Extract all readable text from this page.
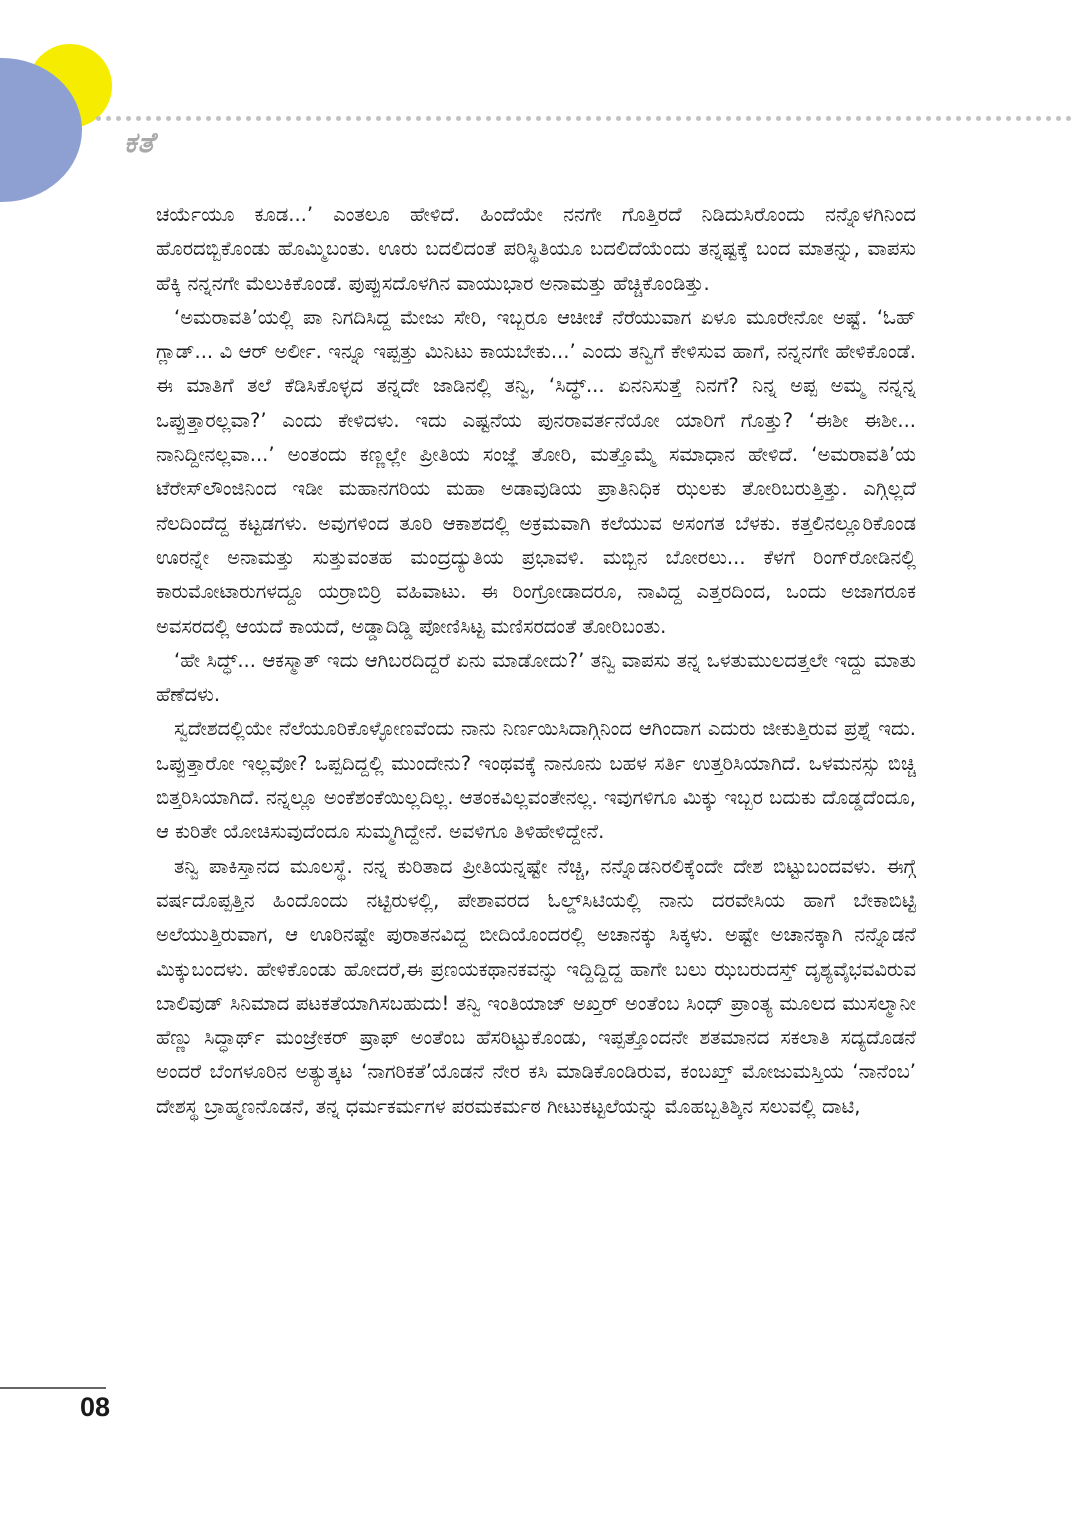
ಕತೆ

ಚರ್ಯೆಯೂ ಕೂಡ...’ ಎಂತಲೂ ಹೇಳಿದೆ. ಹಿಂದೆಯೇ ನನಗೇ ಗೊತ್ತಿರದೆ ನಿಡಿದುಸಿರೊಂದು ನನ್ನೊಳಗಿನಿಂದ ಹೊರದಬ್ಬಿಕೊಂಡು ಹೊಮ್ಮಿಬಂತು. ಊರು ಬದಲಿದಂತೆ ಪರಿಸ್ಥಿತಿಯೂ ಬದಲಿದೆಯೆಂದು ತನ್ನಷ್ಟಕ್ಕೆ ಬಂದ ಮಾತನ್ನು, ವಾಪಸು ಹೆಕ್ಕಿ ನನ್ನನಗೇ ಮೆಲುಕಿಕೊಂಡೆ. ಪುಪ್ಪುಸದೊಳಗಿನ ವಾಯುಭಾರ ಅನಾಮತ್ತು ಹೆಚ್ಚಿಕೊಂಡಿತ್ತು.

‘ಅಮರಾವತಿ’ಯಲ್ಲಿ ಪಾ ನಿಗದಿಸಿದ್ದ ಮೇಜು ಸೇರಿ, ಇಬ್ಬರೂ ಆಚೀಚೆ ನೆರೆಯುವಾಗ ಏಳೂ ಮೂರೇನೋ ಅಷ್ಟೆ. ‘ಓಹ್ ಗ್ಲಾಡ್... ವಿ ಆರ್ ಅರ್ಲೀ. ಇನ್ನೂ ಇಪ್ಪತ್ತು ಮಿನಿಟು ಕಾಯಬೇಕು...’ ಎಂದು ತನ್ವಿಗೆ ಕೇಳಿಸುವ ಹಾಗೆ, ನನ್ನನಗೇ ಹೇಳಿಕೊಂಡೆ. ಈ ಮಾತಿಗೆ ತಲೆ ಕೆಡಿಸಿಕೊಳ್ಳದ ತನ್ನದೇ ಜಾಡಿನಲ್ಲಿ ತನ್ವಿ, ‘ಸಿದ್ಧ್... ಏನನಿಸುತ್ತೆ ನಿನಗೆ? ನಿನ್ನ ಅಪ್ಪ ಅಮ್ಮ ನನ್ನನ್ನ ಒಪ್ಪುತ್ತಾರಲ್ಲವಾ?’ ಎಂದು ಕೇಳಿದಳು. ಇದು ಎಷ್ಟನೆಯ ಪುನರಾವರ್ತನೆಯೋ ಯಾರಿಗೆ ಗೊತ್ತು? ‘ಈಶೀ ಈಶೀ... ನಾನಿದ್ದೀನಲ್ಲವಾ...’ ಅಂತಂದು ಕಣ್ಣಲ್ಲೇ ಪ್ರೀತಿಯ ಸಂಜ್ಞೆ ತೋರಿ, ಮತ್ತೊಮ್ಮೆ ಸಮಾಧಾನ ಹೇಳಿದೆ. ‘ಅಮರಾವತಿ’ಯ ಟೆರೇಸ್‌ಲೌಂಜಿನಿಂದ ಇಡೀ ಮಹಾನಗರಿಯ ಮಹಾ ಅಡಾವುಡಿಯ ಪ್ರಾತಿನಿಧಿಕ ಝಲಕು ತೋರಿಬರುತ್ತಿತ್ತು. ಎಗ್ಗಿಲ್ಲದೆ ನೆಲದಿಂದೆದ್ದ ಕಟ್ಟಡಗಳು. ಅವುಗಳಿಂದ ತೂರಿ ಆಕಾಶದಲ್ಲಿ ಅಕ್ರಮವಾಗಿ ಕಲೆಯುವ ಅಸಂಗತ ಬೆಳಕು. ಕತ್ತಲಿನಲ್ಲೂರಿಕೊಂಡ ಊರನ್ನೇ ಅನಾಮತ್ತು ಸುತ್ತುವಂತಹ ಮಂದ್ರದ್ಯುತಿಯ ಪ್ರಭಾವಳಿ. ಮಬ್ಬಿನ ಬೋರಲು... ಕೆಳಗೆ ರಿಂಗ್‌ರೋಡಿನಲ್ಲಿ ಕಾರುಮೋಟಾರುಗಳದ್ದೂ ಯರ್ರಾಬಿರ್ರಿ ವಹಿವಾಟು. ಈ ರಿಂಗ್ರೋಡಾದರೂ, ನಾವಿದ್ದ ಎತ್ತರದಿಂದ, ಒಂದು ಅಜಾಗರೂಕ ಅವಸರದಲ್ಲಿ ಆಯದೆ ಕಾಯದೆ, ಅಡ್ಡಾದಿಡ್ಡಿ ಪೋಣಿಸಿಟ್ಟ ಮಣಿಸರದಂತೆ ತೋರಿಬಂತು.

‘ಹೇ ಸಿದ್ಧ್... ಆಕಸ್ಮಾತ್ ಇದು ಆಗಿಬರದಿದ್ದರೆ ಏನು ಮಾಡೋದು?’ ತನ್ವಿ ವಾಪಸು ತನ್ನ ಒಳತುಮುಲದತ್ತಲೇ ಇದ್ದು ಮಾತು ಹೆಣೆದಳು.

ಸ್ವದೇಶದಲ್ಲಿಯೇ ನೆಲೆಯೂರಿಕೊಳ್ಳೋಣವೆಂದು ನಾನು ನಿರ್ಣಯಿಸಿದಾಗ್ಗಿನಿಂದ ಆಗಿಂದಾಗ ಎದುರು ಜೀಕುತ್ತಿರುವ ಪ್ರಶ್ನೆ ಇದು. ಒಪ್ಪುತ್ತಾರೋ ಇಲ್ಲವೋ? ಒಪ್ಪದಿದ್ದಲ್ಲಿ ಮುಂದೇನು? ಇಂಥವಕ್ಕೆ ನಾನೂನು ಬಹಳ ಸರ್ತಿ ಉತ್ತರಿಸಿಯಾಗಿದೆ. ಒಳಮನಸ್ಸು ಬಿಚ್ಚಿ ಬಿತ್ತರಿಸಿಯಾಗಿದೆ. ನನ್ನಲ್ಲೂ ಅಂಕೆಶಂಕೆಯಿಲ್ಲದಿಲ್ಲ. ಆತಂಕವಿಲ್ಲವಂತೇನಲ್ಲ. ಇವುಗಳಿಗೂ ಮಿಕ್ಕು ಇಬ್ಬರ ಬದುಕು ದೊಡ್ಡದೆಂದೂ, ಆ ಕುರಿತೇ ಯೋಚಿಸುವುದೆಂದೂ ಸುಮ್ಮಗಿದ್ದೇನೆ. ಅವಳಿಗೂ ತಿಳಿಹೇಳಿದ್ದೇನೆ.

ತನ್ವಿ ಪಾಕಿಸ್ತಾನದ ಮೂಲಸ್ಥೆ. ನನ್ನ ಕುರಿತಾದ ಪ್ರೀತಿಯನ್ನಷ್ಟೇ ನೆಚ್ಚಿ, ನನ್ನೊಡನಿರಲಿಕ್ಕೆಂದೇ ದೇಶ ಬಿಟ್ಟುಬಂದವಳು. ಈಗ್ಗೆ ವರ್ಷದೊಪ್ಪತ್ತಿನ ಹಿಂದೊಂದು ನಟ್ಟಿರುಳಲ್ಲಿ, ಪೇಶಾವರದ ಓಲ್ಡ್‌ಸಿಟಿಯಲ್ಲಿ ನಾನು ದರವೇಸಿಯ ಹಾಗೆ ಬೇಕಾಬಿಟ್ಟಿ ಅಲೆಯುತ್ತಿರುವಾಗ, ಆ ಊರಿನಷ್ಟೇ ಪುರಾತನವಿದ್ದ ಬೀದಿಯೊಂದರಲ್ಲಿ ಅಚಾನಕ್ಕು ಸಿಕ್ಕಳು. ಅಷ್ಟೇ ಅಚಾನಕ್ಕಾಗಿ ನನ್ನೊಡನೆ ಮಿಕ್ಕುಬಂದಳು. ಹೇಳಿಕೊಂಡು ಹೋದರೆ,ಈ ಪ್ರಣಯಕಥಾನಕವನ್ನು ಇದ್ದಿದ್ದಿದ್ದ ಹಾಗೇ ಬಲು ಝಬರುದಸ್ತ್ ದೃಶ್ಯವೈಭವವಿರುವ ಬಾಲಿವುಡ್ ಸಿನಿಮಾದ ಪಟಕತೆಯಾಗಿಸಬಹುದು! ತನ್ವಿ ಇಂತಿಯಾಜ್ ಅಖ್ತರ್ ಅಂತೆಂಬ ಸಿಂಧ್ ಪ್ರಾಂತ್ಯ ಮೂಲದ ಮುಸಲ್ಮಾನೀ ಹೆಣ್ಣು ಸಿದ್ಧಾರ್ಥ್ ಮಂಜ್ರೇಕರ್ ಷ್ರಾಫ್ ಅಂತೆಂಬ ಹೆಸರಿಟ್ಟುಕೊಂಡು, ಇಪ್ಪತ್ತೊಂದನೇ ಶತಮಾನದ ಸಕಲಾತಿ ಸದ್ಯದೊಡನೆ ಅಂದರೆ ಬೆಂಗಳೂರಿನ ಅತ್ಯುತ್ಕಟ ‘ನಾಗರಿಕತೆ’ಯೊಡನೆ ನೇರ ಕಸಿ ಮಾಡಿಕೊಂಡಿರುವ, ಕಂಬಖ್ತ್ ಮೋಜುಮಸ್ತಿಯ ‘ನಾನೆಂಬ’ ದೇಶಸ್ಥ ಬ್ರಾಹ್ಮಣನೊಡನೆ, ತನ್ನ ಧರ್ಮಕರ್ಮಗಳ ಪರಮಕರ್ಮಠ ಗೀಟುಕಟ್ಟಲೆಯನ್ನು ಮೊಹಬ್ಬತಿಶ್ಕಿನ ಸಲುವಲ್ಲಿ ದಾಟಿ,

08
